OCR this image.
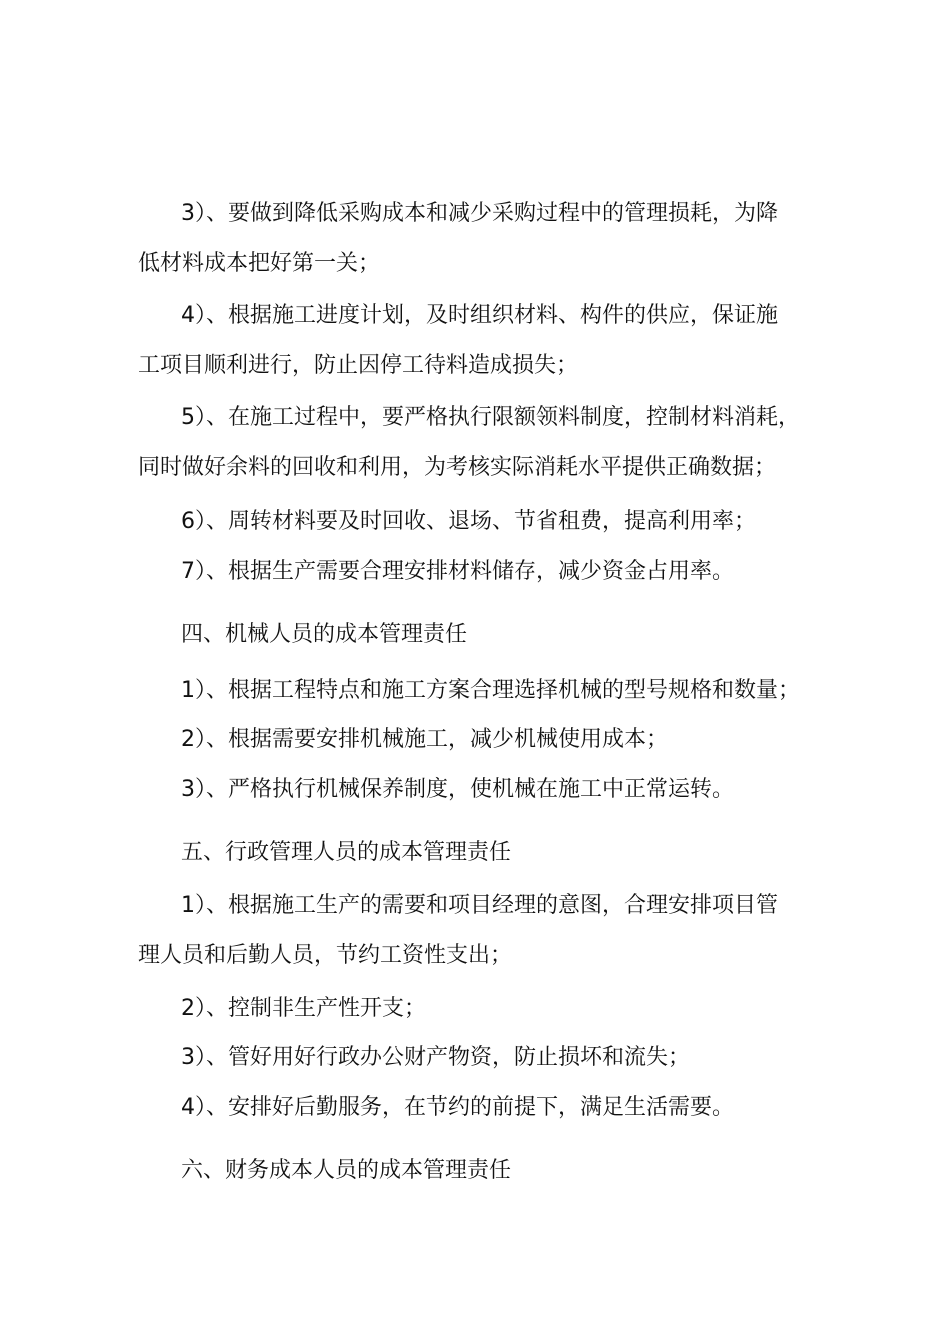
3）、要做到降低采购成本和减少采购过程中的管理损耗，为降
低材料成本把好第一关；
4）、根据施工进度计划，及时组织材料、构件的供应，保证施
工项目顺利进行，防止因停工待料造成损失；
5）、在施工过程中，要严格执行限额领料制度，控制材料消耗，
同时做好余料的回收和利用，为考核实际消耗水平提供正确数据；
6）、周转材料要及时回收、退场、节省租费，提高利用率；
7）、根据生产需要合理安排材料储存，减少资金占用率。
四、机械人员的成本管理责任
1）、根据工程特点和施工方案合理选择机械的型号规格和数量；
2）、根据需要安排机械施工，减少机械使用成本；
3）、严格执行机械保养制度，使机械在施工中正常运转。
五、行政管理人员的成本管理责任
1）、根据施工生产的需要和项目经理的意图，合理安排项目管
理人员和后勤人员，节约工资性支出；
2）、控制非生产性开支；
3）、管好用好行政办公财产物资，防止损坏和流失；
4）、安排好后勤服务，在节约的前提下，满足生活需要。
六、财务成本人员的成本管理责任
